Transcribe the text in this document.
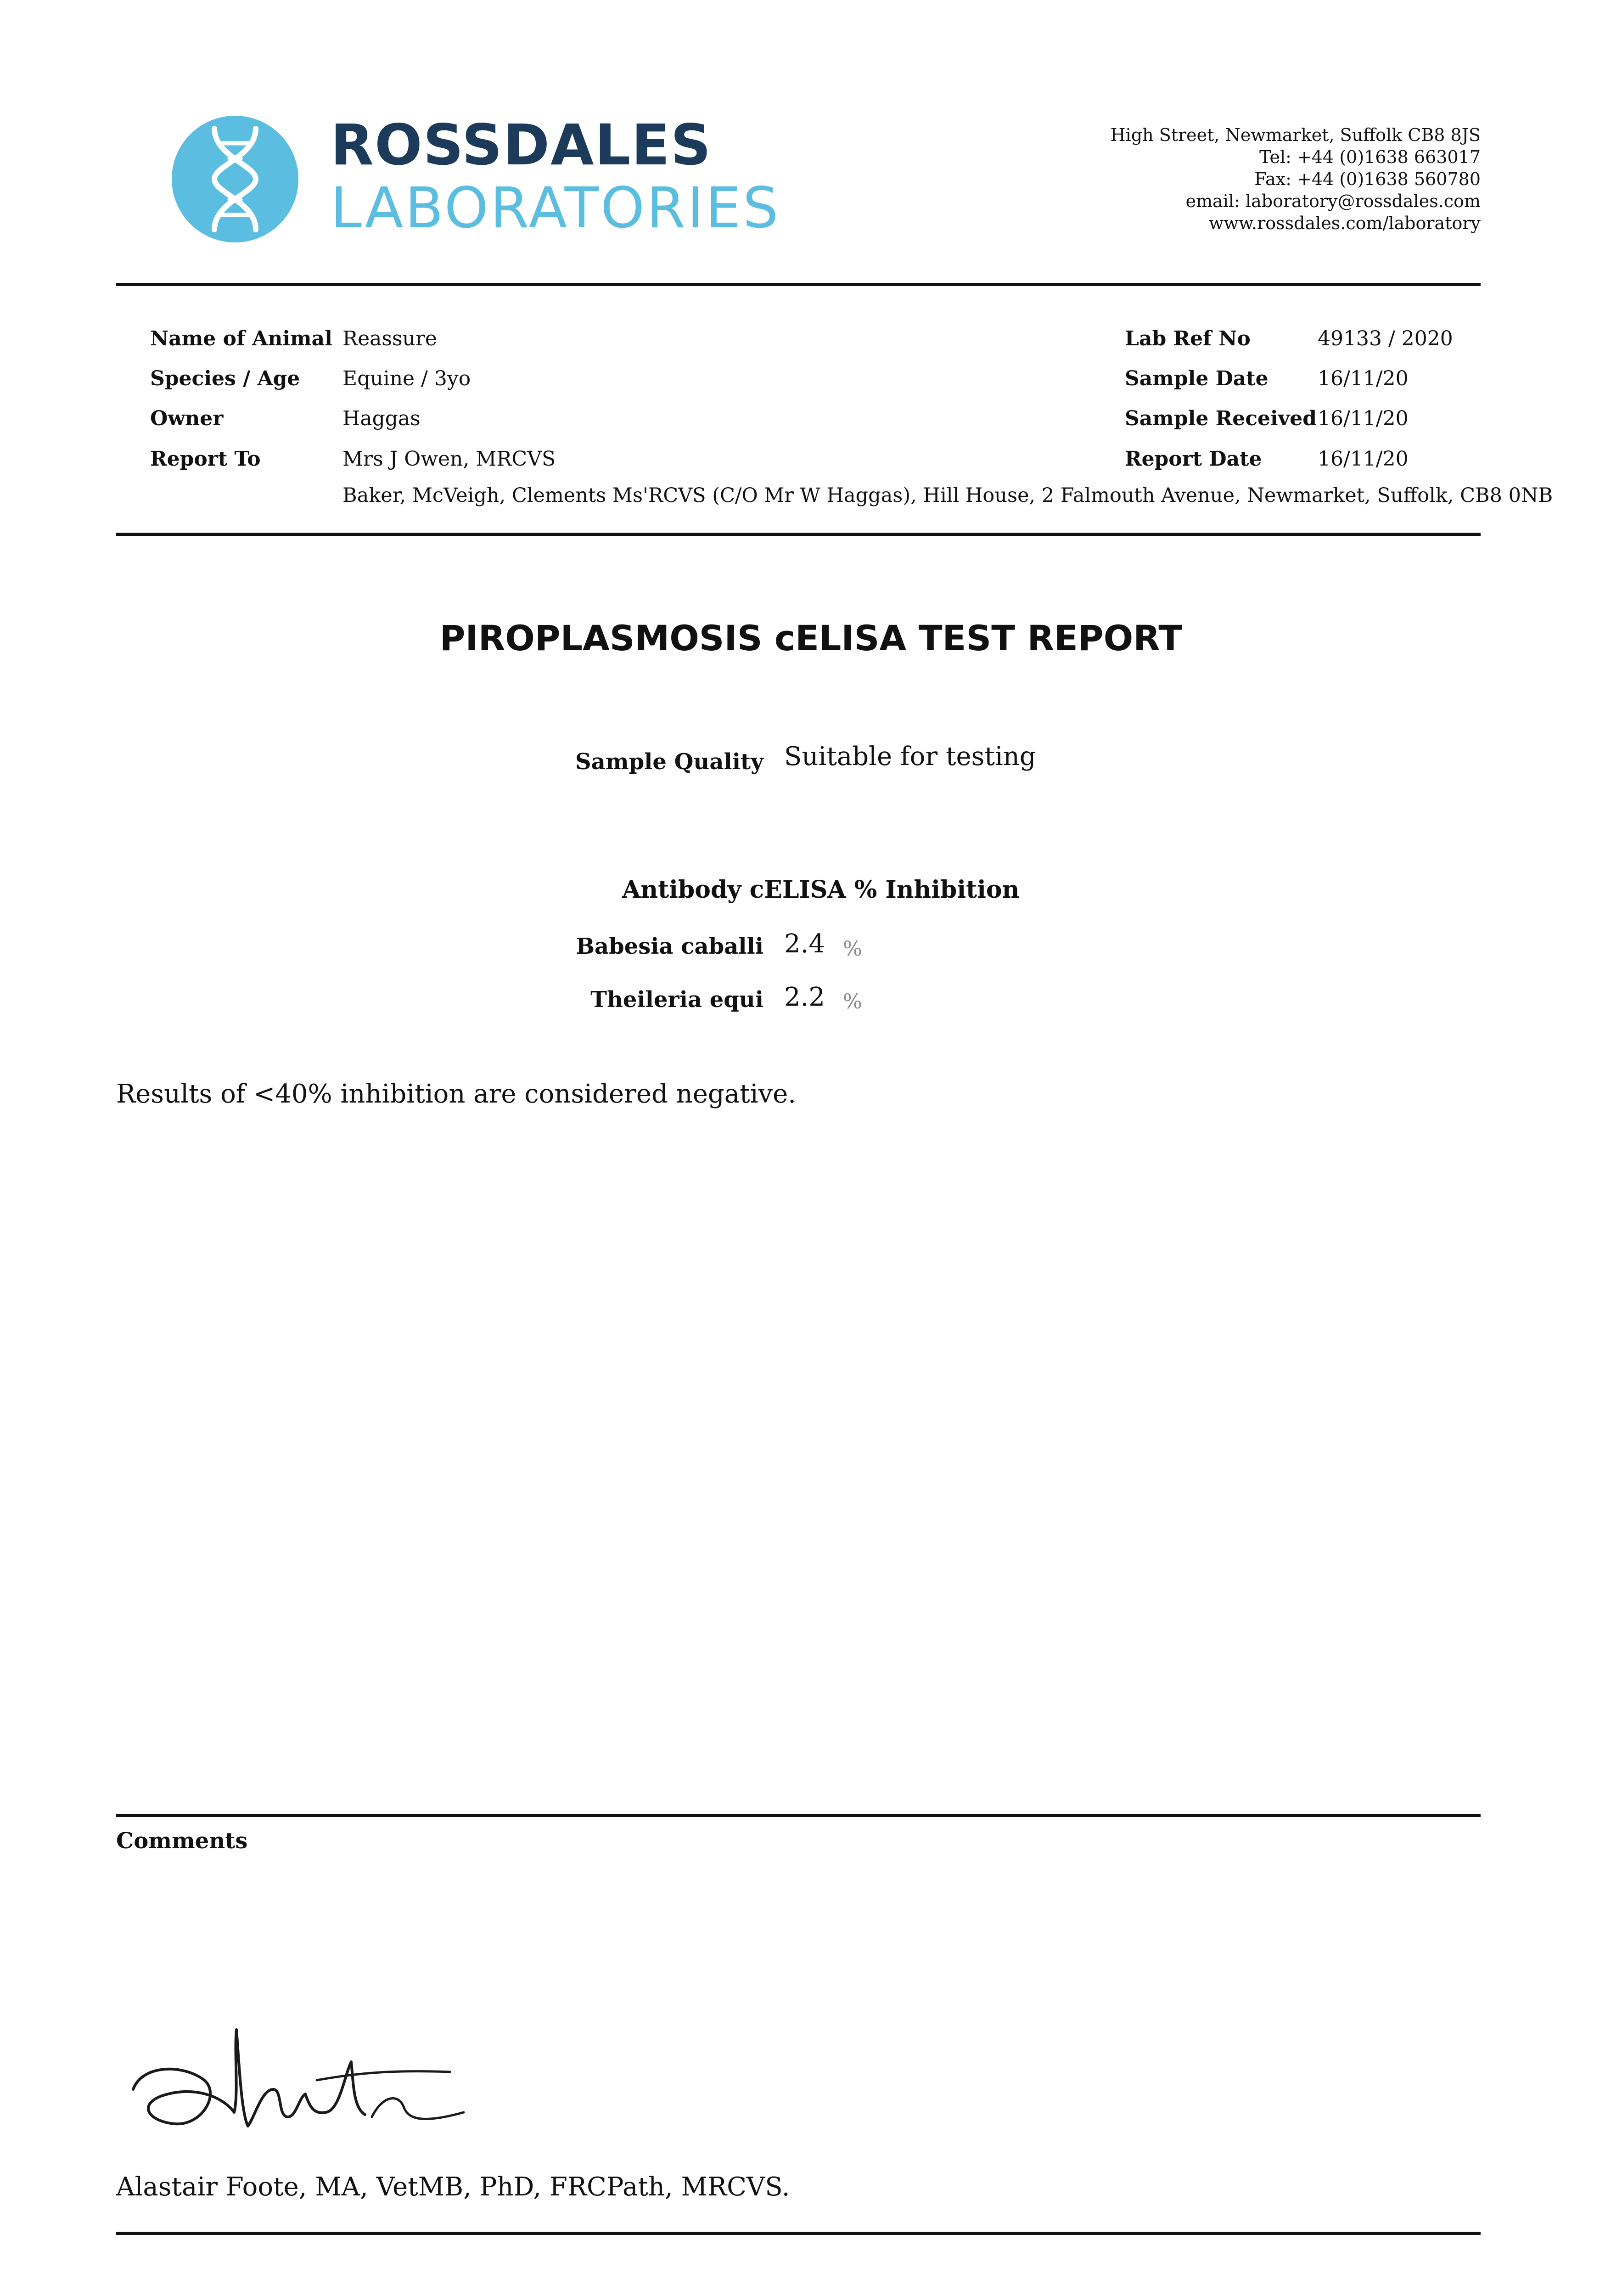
ROSSDALES
LABORATORIES
High Street, Newmarket, Suffolk CB8 8JS
Tel: +44 (0)1638 663017
Fax: +44 (0)1638 560780
email: laboratory@rossdales.com
www.rossdales.com/laboratory
Name of Animal Reassure
Species / Age Equine / 3yo
Owner	Haggas
Report To	Mrs J Owen, MRCVS
Baker, McVeigh, Clements Ms'RCVS (C/O Mr W Haggas), Hill House, 2 Falmouth Avenue, Newmarket, Suffolk, CB8 0NB
Lab Ref No	49133 / 2020
Sample Date 16/11/20
Sample Received 16/11/20
Report Date	16/11/20
PIROPLASMOSIS cELISA TEST REPORT
Sample Quality Suitable for testing
Antibody cELISA % Inhibition
Babesia caballi 2.4 %
Theileria equi 2.2 %
Results of <40% inhibition are considered negative.
Comments
Alastair Foote, MA, VetMB, PhD, FRCPath, MRCVS.
